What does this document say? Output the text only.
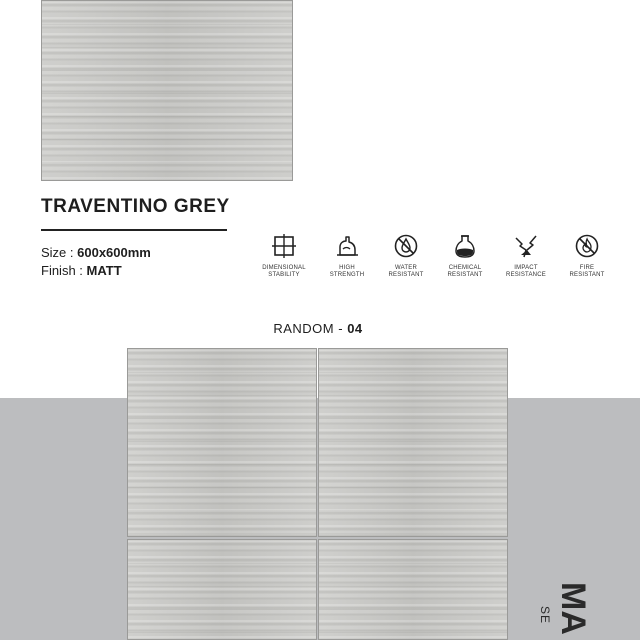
TRAVENTINO GREY
Size : 600x600mm
Finish : MATT	DIMENSIONAL
STABILITY
HIGH
STRENGTH
WATER
RESISTANT
CHEMICAL
RESISTANT
IMPACT
RESISTANCE
FIRE
RESISTANT
RANDOM - 04
MA
SE
